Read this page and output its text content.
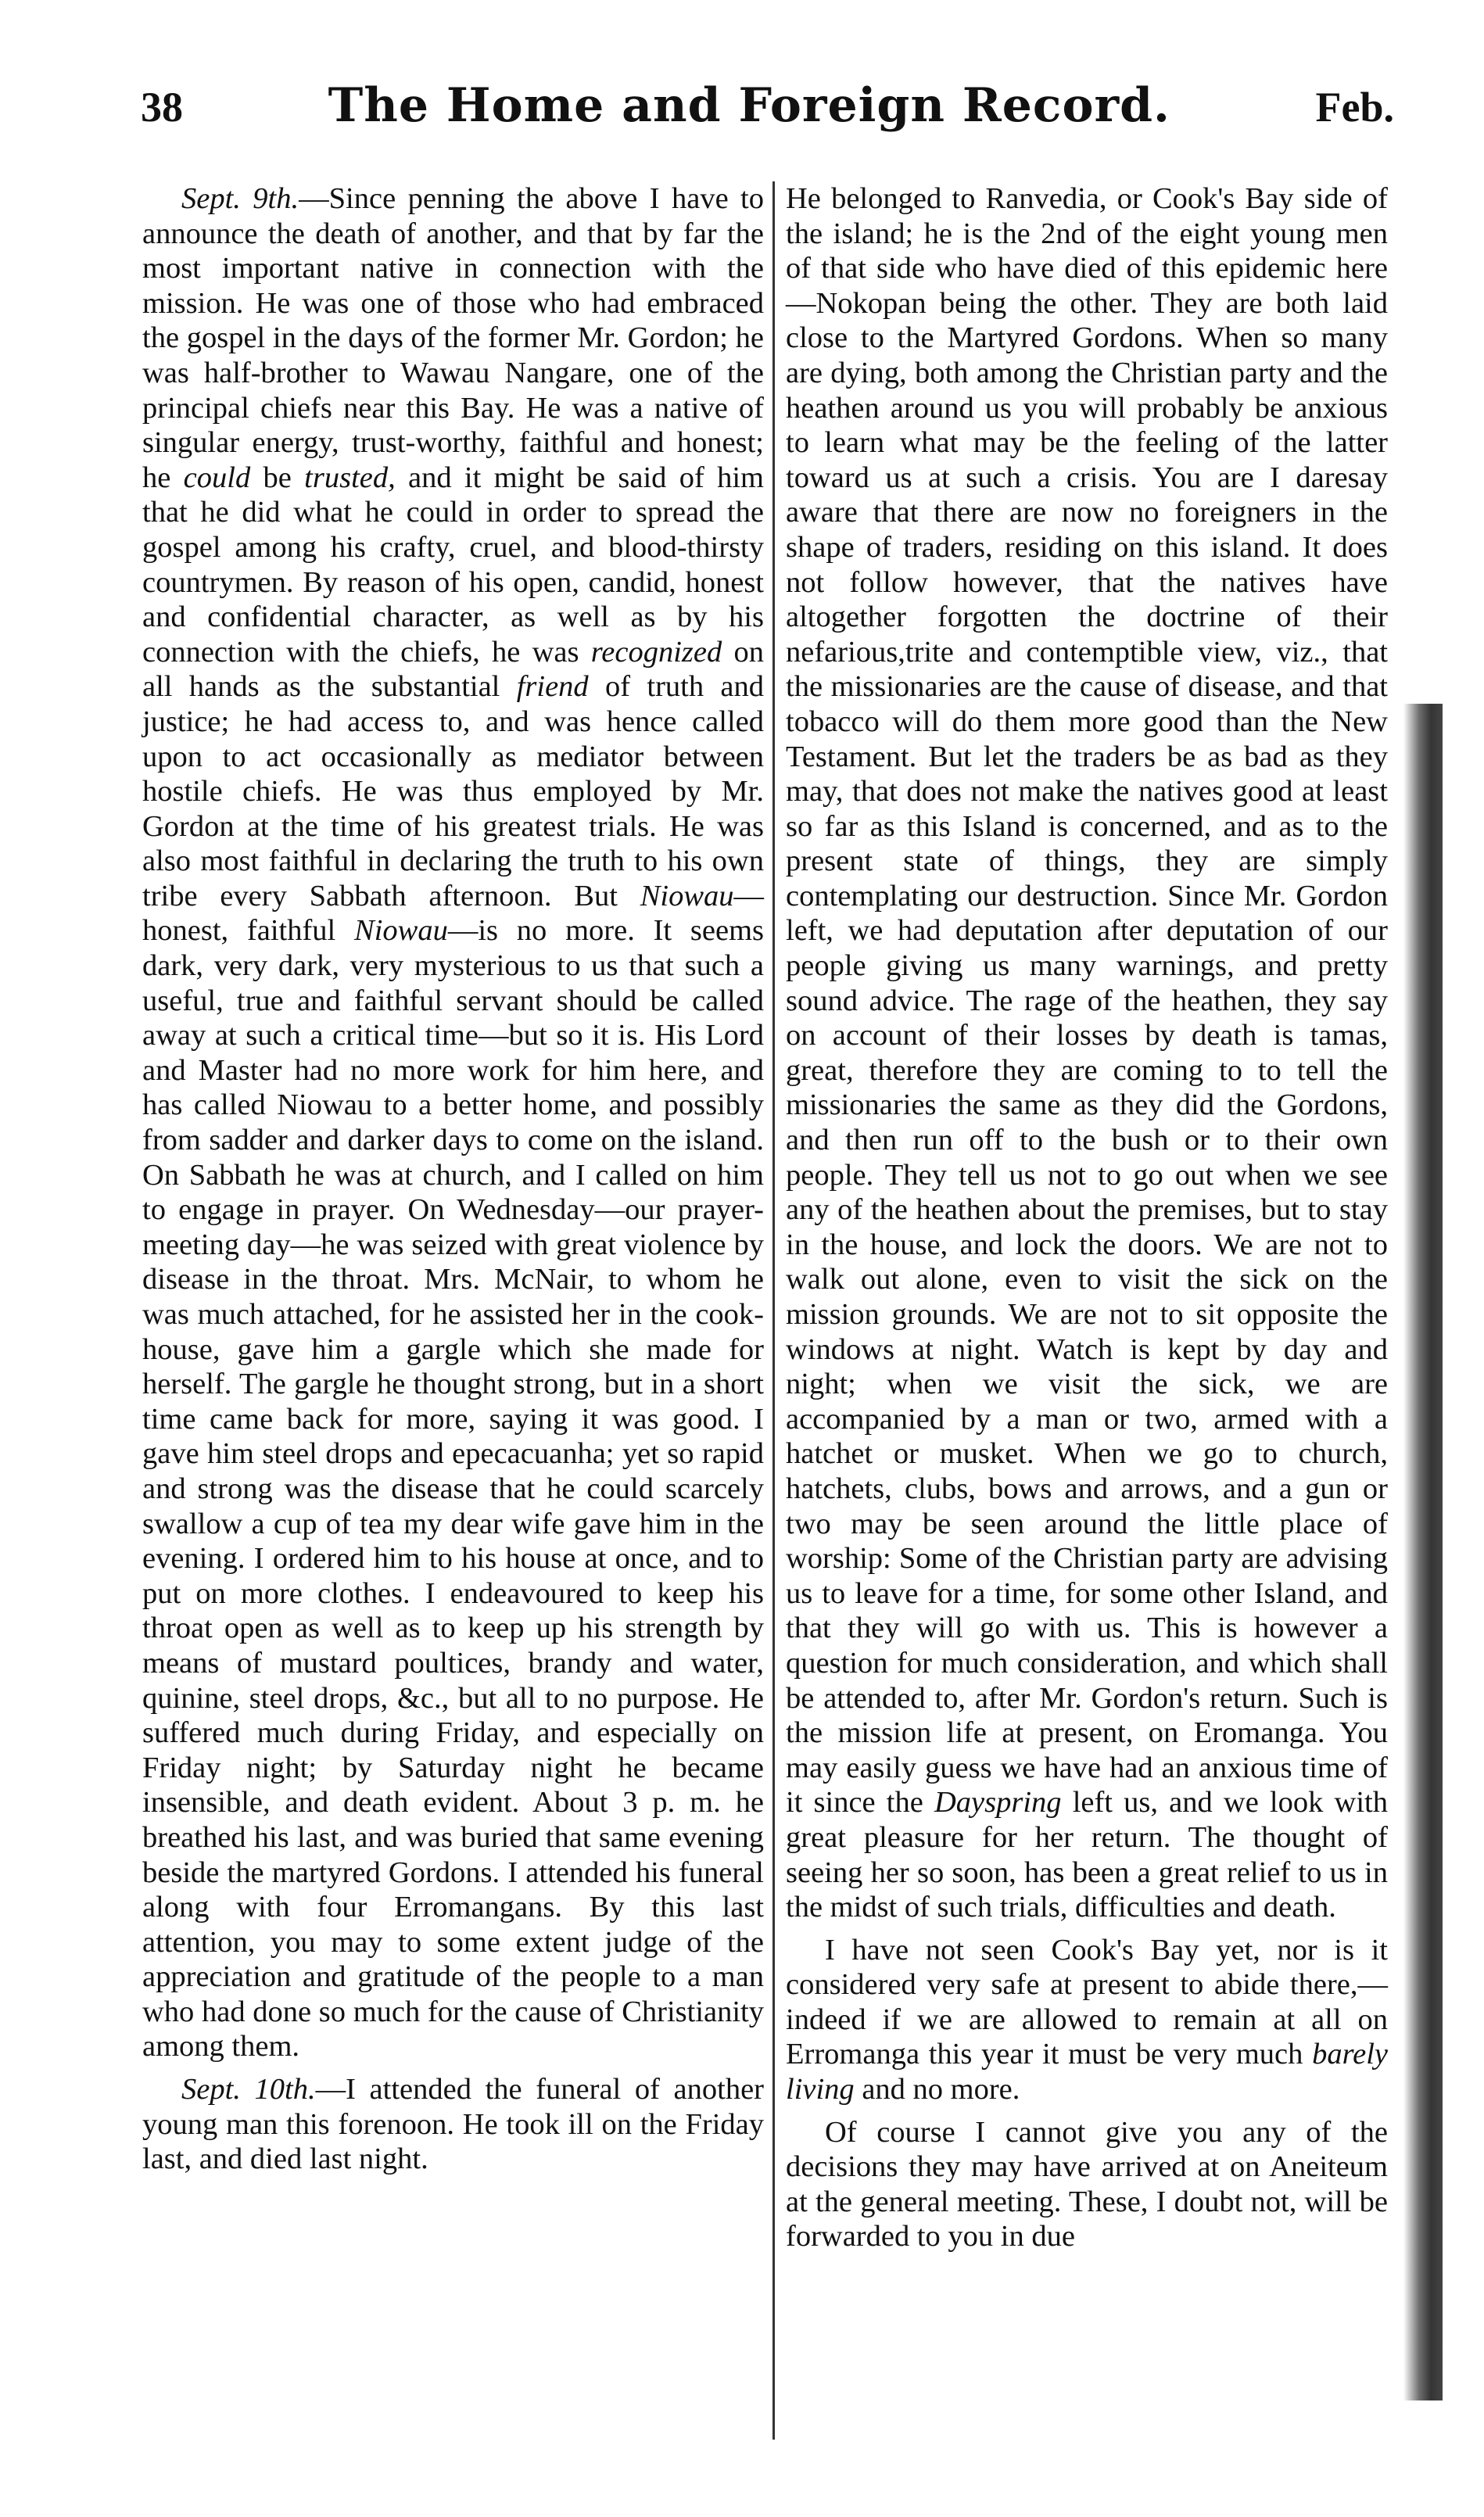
38	The Home and Foreign Record.	Feb.

Sept. 9th.—Since penning the above I have to announce the death of another, and that by far the most important native in connection with the mission. He was one of those who had embraced the gospel in the days of the former Mr. Gordon; he was half-brother to Wawau Nangare, one of the principal chiefs near this Bay. He was a native of singular energy, trust-worthy, faithful and honest; he could be trusted, and it might be said of him that he did what he could in order to spread the gospel among his crafty, cruel, and blood-thirsty countrymen. By reason of his open, candid, honest and confidential character, as well as by his connection with the chiefs, he was recognized on all hands as the substantial friend of truth and justice; he had access to, and was hence called upon to act occasionally as mediator between hostile chiefs. He was thus employed by Mr. Gordon at the time of his greatest trials. He was also most faithful in declaring the truth to his own tribe every Sabbath afternoon. But Niowau—honest, faithful Niowau—is no more. It seems dark, very dark, very mysterious to us that such a useful, true and faithful servant should be called away at such a critical time—but so it is. His Lord and Master had no more work for him here, and has called Niowau to a better home, and possibly from sadder and darker days to come on the island. On Sabbath he was at church, and I called on him to engage in prayer. On Wednesday—our prayer-meeting day—he was seized with great violence by disease in the throat. Mrs. McNair, to whom he was much attached, for he assisted her in the cook-house, gave him a gargle which she made for herself. The gargle he thought strong, but in a short time came back for more, saying it was good. I gave him steel drops and epecacuanha; yet so rapid and strong was the disease that he could scarcely swallow a cup of tea my dear wife gave him in the evening. I ordered him to his house at once, and to put on more clothes. I endeavoured to keep his throat open as well as to keep up his strength by means of mustard poultices, brandy and water, quinine, steel drops, &c., but all to no purpose. He suffered much during Friday, and especially on Friday night; by Saturday night he became insensible, and death evident. About 3 p. m. he breathed his last, and was buried that same evening beside the martyred Gordons. I attended his funeral along with four Erromangans. By this last attention, you may to some extent judge of the appreciation and gratitude of the people to a man who had done so much for the cause of Christianity among them.

Sept. 10th.—I attended the funeral of another young man this forenoon. He took ill on the Friday last, and died last night.

He belonged to Ranvedia, or Cook's Bay side of the island; he is the 2nd of the eight young men of that side who have died of this epidemic here—Nokopan being the other. They are both laid close to the Martyred Gordons. When so many are dying, both among the Christian party and the heathen around us you will probably be anxious to learn what may be the feeling of the latter toward us at such a crisis. You are I daresay aware that there are now no foreigners in the shape of traders, residing on this island. It does not follow however, that the natives have altogether forgotten the doctrine of their nefarious,trite and contemptible view, viz., that the missionaries are the cause of disease, and that tobacco will do them more good than the New Testament. But let the traders be as bad as they may, that does not make the natives good at least so far as this Island is concerned, and as to the present state of things, they are simply contemplating our destruction. Since Mr. Gordon left, we had deputation after deputation of our people giving us many warnings, and pretty sound advice. The rage of the heathen, they say on account of their losses by death is tamas, great, therefore they are coming to to tell the missionaries the same as they did the Gordons, and then run off to the bush or to their own people. They tell us not to go out when we see any of the heathen about the premises, but to stay in the house, and lock the doors. We are not to walk out alone, even to visit the sick on the mission grounds. We are not to sit opposite the windows at night. Watch is kept by day and night; when we visit the sick, we are accompanied by a man or two, armed with a hatchet or musket. When we go to church, hatchets, clubs, bows and arrows, and a gun or two may be seen around the little place of worship: Some of the Christian party are advising us to leave for a time, for some other Island, and that they will go with us. This is however a question for much consideration, and which shall be attended to, after Mr. Gordon's return. Such is the mission life at present, on Eromanga. You may easily guess we have had an anxious time of it since the Dayspring left us, and we look with great pleasure for her return. The thought of seeing her so soon, has been a great relief to us in the midst of such trials, difficulties and death.

I have not seen Cook's Bay yet, nor is it considered very safe at present to abide there,—indeed if we are allowed to remain at all on Erromanga this year it must be very much barely living and no more.

Of course I cannot give you any of the decisions they may have arrived at on Aneiteum at the general meeting. These, I doubt not, will be forwarded to you in due
